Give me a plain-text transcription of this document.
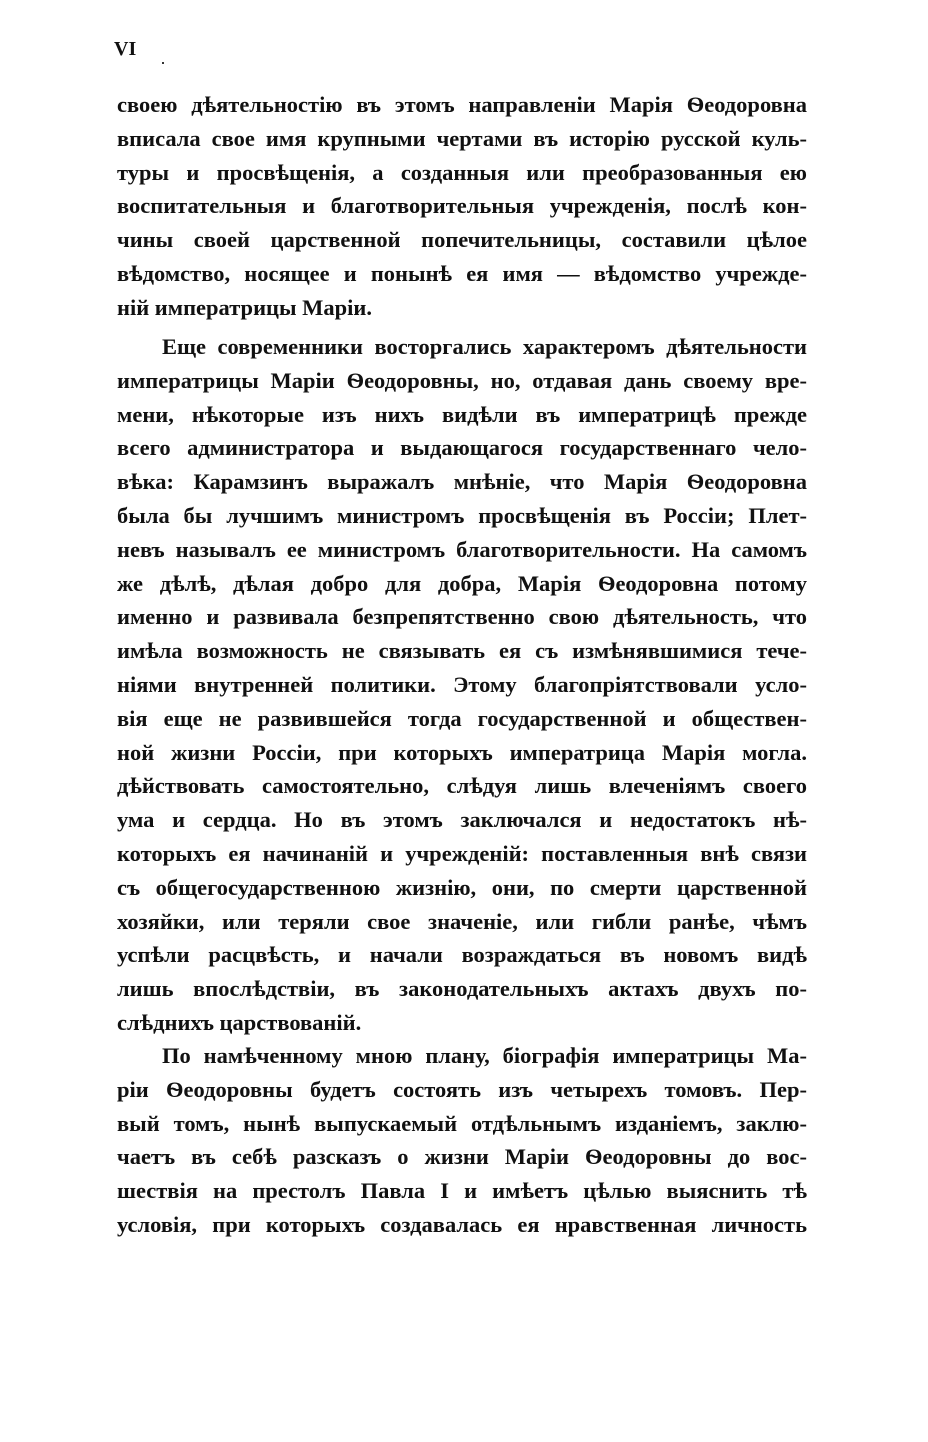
VI
своею дѣятельностію въ этомъ направленіи Марія Ѳеодоровна
вписала свое имя крупными чертами въ исторію русской куль-
туры и просвѣщенія, а созданныя или преобразованныя ею
воспитательныя и благотворительныя учрежденія, послѣ кон-
чины своей царственной попечительницы, составили цѣлое
вѣдомство, носящее и понынѣ ея имя — вѣдомство учрежде-
ній императрицы Маріи.
Еще современники восторгались характеромъ дѣятельности
императрицы Маріи Ѳеодоровны, но, отдавая дань своему вре-
мени, нѣкоторые изъ нихъ видѣли въ императрицѣ прежде
всего администратора и выдающагося государственнаго чело-
вѣка: Карамзинъ выражалъ мнѣніе, что Марія Ѳеодоровна
была бы лучшимъ министромъ просвѣщенія въ Россіи; Плет-
невъ называлъ ее министромъ благотворительности. На самомъ
же дѣлѣ, дѣлая добро для добра, Марія Ѳеодоровна потому
именно и развивала безпрепятственно свою дѣятельность, что
имѣла возможность не связывать ея съ измѣнявшимися тече-
ніями внутренней политики. Этому благопріятствовали усло-
вія еще не развившейся тогда государственной и обществен-
ной жизни Россіи, при которыхъ императрица Марія могла.
дѣйствовать самостоятельно, слѣдуя лишь влеченіямъ своего
ума и сердца. Но въ этомъ заключался и недостатокъ нѣ-
которыхъ ея начинаній и учрежденій: поставленныя внѣ связи
съ общегосударственною жизнію, они, по смерти царственной
хозяйки, или теряли свое значеніе, или гибли ранѣе, чѣмъ
успѣли расцвѣсть, и начали возраждаться въ новомъ видѣ
лишь впослѣдствіи, въ законодательныхъ актахъ двухъ по-
слѣднихъ царствованій.
По намѣченному мною плану, біографія императрицы Ма-
ріи Ѳеодоровны будетъ состоять изъ четырехъ томовъ. Пер-
вый томъ, нынѣ выпускаемый отдѣльнымъ изданіемъ, заклю-
чаетъ въ себѣ разсказъ о жизни Маріи Ѳеодоровны до вос-
шествія на престолъ Павла I и имѣетъ цѣлью выяснить тѣ
условія, при которыхъ создавалась ея нравственная личность
